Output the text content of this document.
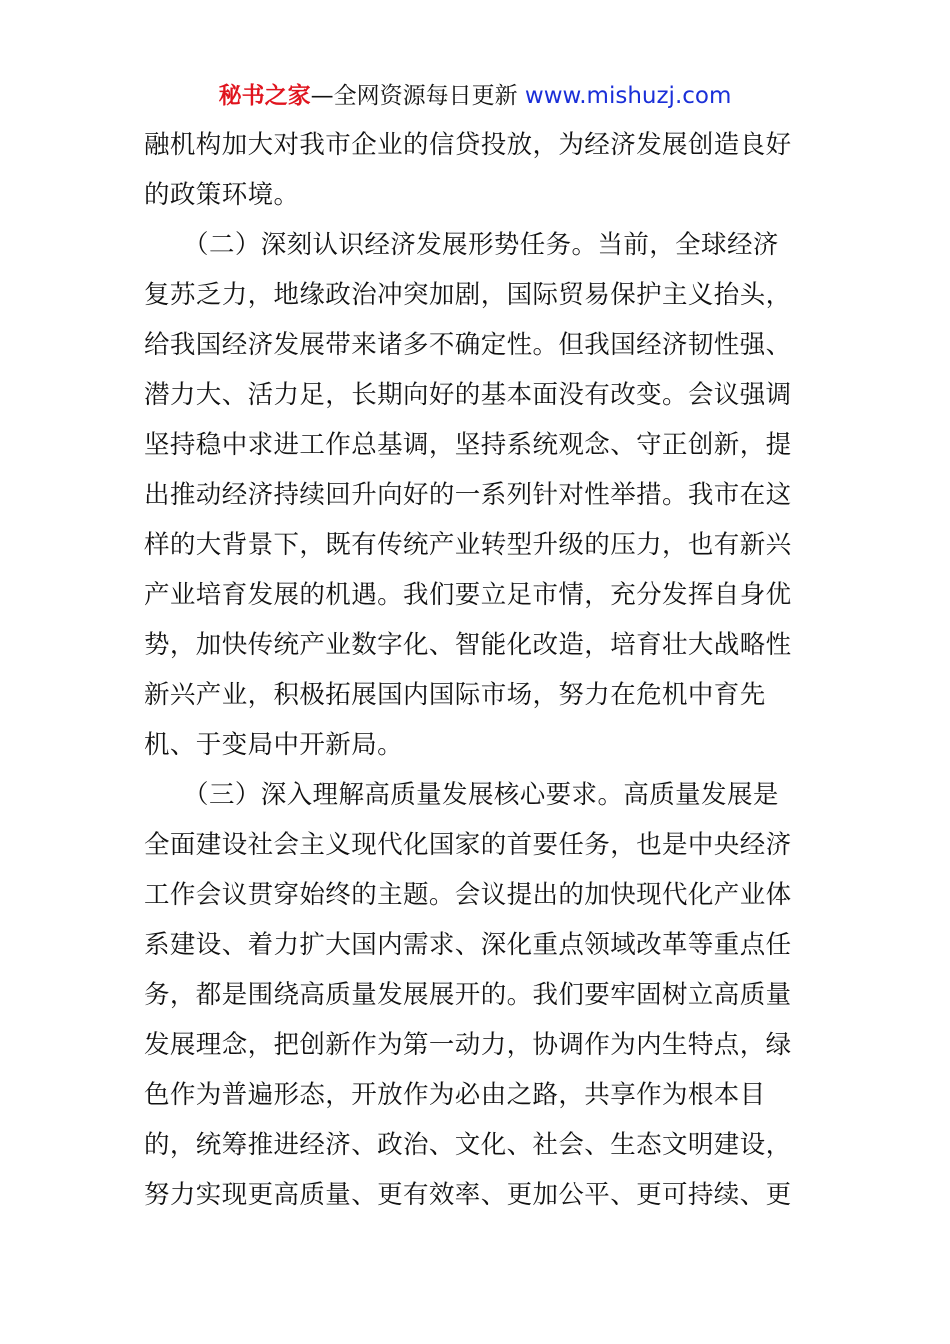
秘书之家—全网资源每日更新 www.mishuzj.com
融机构加大对我市企业的信贷投放，为经济发展创造良好
的政策环境。
　　（二）深刻认识经济发展形势任务。当前，全球经济
复苏乏力，地缘政治冲突加剧，国际贸易保护主义抬头，
给我国经济发展带来诸多不确定性。但我国经济韧性强、
潜力大、活力足，长期向好的基本面没有改变。会议强调
坚持稳中求进工作总基调，坚持系统观念、守正创新，提
出推动经济持续回升向好的一系列针对性举措。我市在这
样的大背景下，既有传统产业转型升级的压力，也有新兴
产业培育发展的机遇。我们要立足市情，充分发挥自身优
势，加快传统产业数字化、智能化改造，培育壮大战略性
新兴产业，积极拓展国内国际市场，努力在危机中育先
机、于变局中开新局。
　　（三）深入理解高质量发展核心要求。高质量发展是
全面建设社会主义现代化国家的首要任务，也是中央经济
工作会议贯穿始终的主题。会议提出的加快现代化产业体
系建设、着力扩大国内需求、深化重点领域改革等重点任
务，都是围绕高质量发展展开的。我们要牢固树立高质量
发展理念，把创新作为第一动力，协调作为内生特点，绿
色作为普遍形态，开放作为必由之路，共享作为根本目
的，统筹推进经济、政治、文化、社会、生态文明建设，
努力实现更高质量、更有效率、更加公平、更可持续、更
